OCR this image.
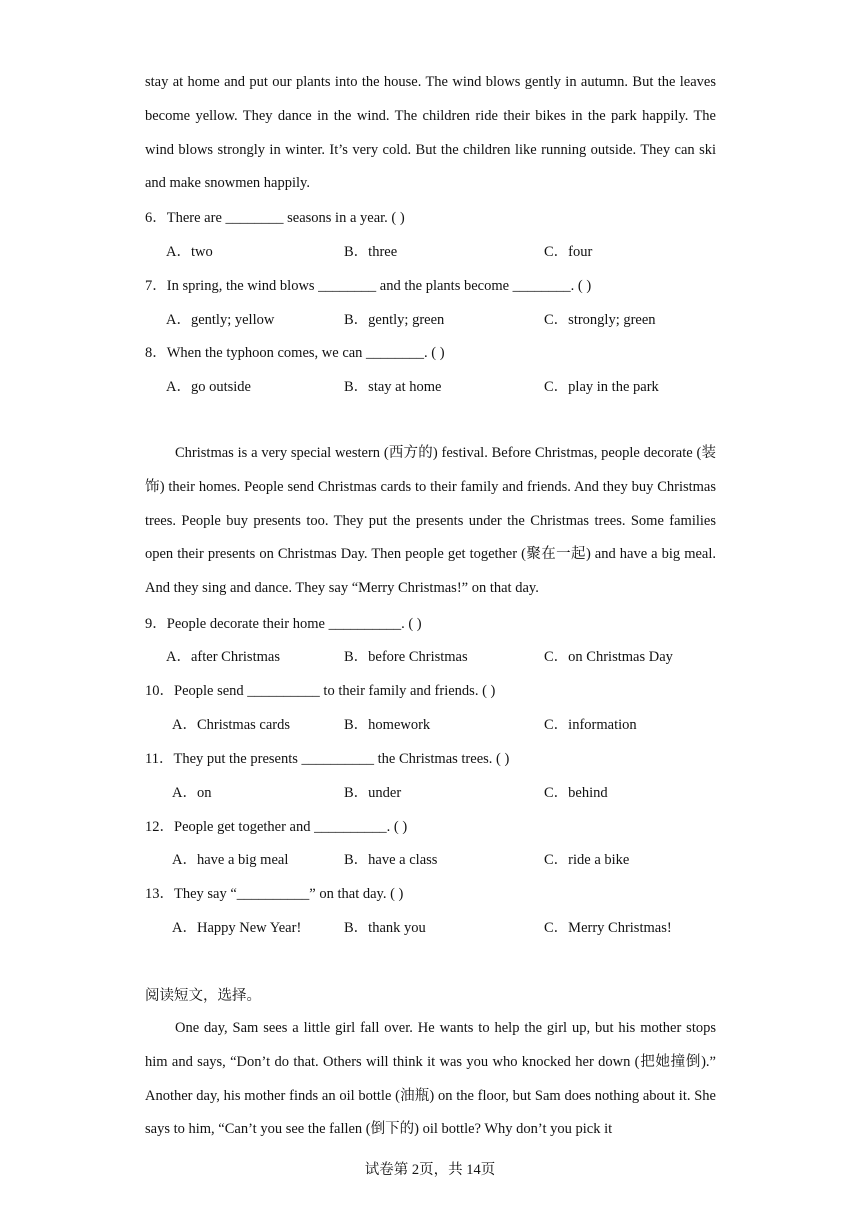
stay at home and put our plants into the house. The wind blows gently in autumn. But the leaves become yellow. They dance in the wind. The children ride their bikes in the park happily. The wind blows strongly in winter. It’s very cold. But the children like running outside. They can ski and make snowmen happily.

6．There are ________ seasons in a year. ( )
A．two	B．three	C．four
7．In spring, the wind blows ________ and the plants become ________. ( )
A．gently; yellow	B．gently; green	C．strongly; green
8．When the typhoon comes, we can ________. ( )
A．go outside	B．stay at home	C．play in the park

Christmas is a very special western (西方的) festival. Before Christmas, people decorate (装饰) their homes. People send Christmas cards to their family and friends. And they buy Christmas trees. People buy presents too. They put the presents under the Christmas trees. Some families open their presents on Christmas Day. Then people get together (聚在一起) and have a big meal. And they sing and dance. They say “Merry Christmas!” on that day.

9．People decorate their home __________. ( )
A．after Christmas	B．before Christmas	C．on Christmas Day
10．People send __________ to their family and friends. ( )
A．Christmas cards	B．homework	C．information
11．They put the presents __________ the Christmas trees. ( )
A．on	B．under	C．behind
12．People get together and __________. ( )
A．have a big meal	B．have a class	C．ride a bike
13．They say “__________” on that day. ( )
A．Happy New Year!	B．thank you	C．Merry Christmas!
阅读短文，选择。

One day, Sam sees a little girl fall over. He wants to help the girl up, but his mother stops him and says, “Don’t do that. Others will think it was you who knocked her down (把她撞倒).” Another day, his mother finds an oil bottle (油瓶) on the floor, but Sam does nothing about it. She says to him, “Can’t you see the fallen (倒下的) oil bottle? Why don’t you pick it

试卷第 2页，共 14页
